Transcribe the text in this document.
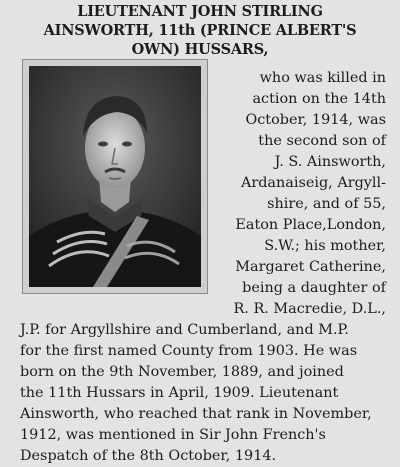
LIEUTENANT JOHN STIRLING
AINSWORTH, 11th (PRINCE ALBERT'S
OWN) HUSSARS,
who was killed in
action on the 14th
October, 1914, was
the second son of
J. S. Ainsworth,
Ardanaiseig, Argyll-
shire, and of 55,
Eaton Place,London,
S.W.; his mother,
Margaret Catherine,
being a daughter of
R. R. Macredie, D.L.,
J.P. for Argyllshire and Cumberland, and M.P.
for the first named County from 1903. He was
born on the 9th November, 1889, and joined
the 11th Hussars in April, 1909. Lieutenant
Ainsworth, who reached that rank in November,
1912, was mentioned in Sir John French's
Despatch of the 8th October, 1914.
